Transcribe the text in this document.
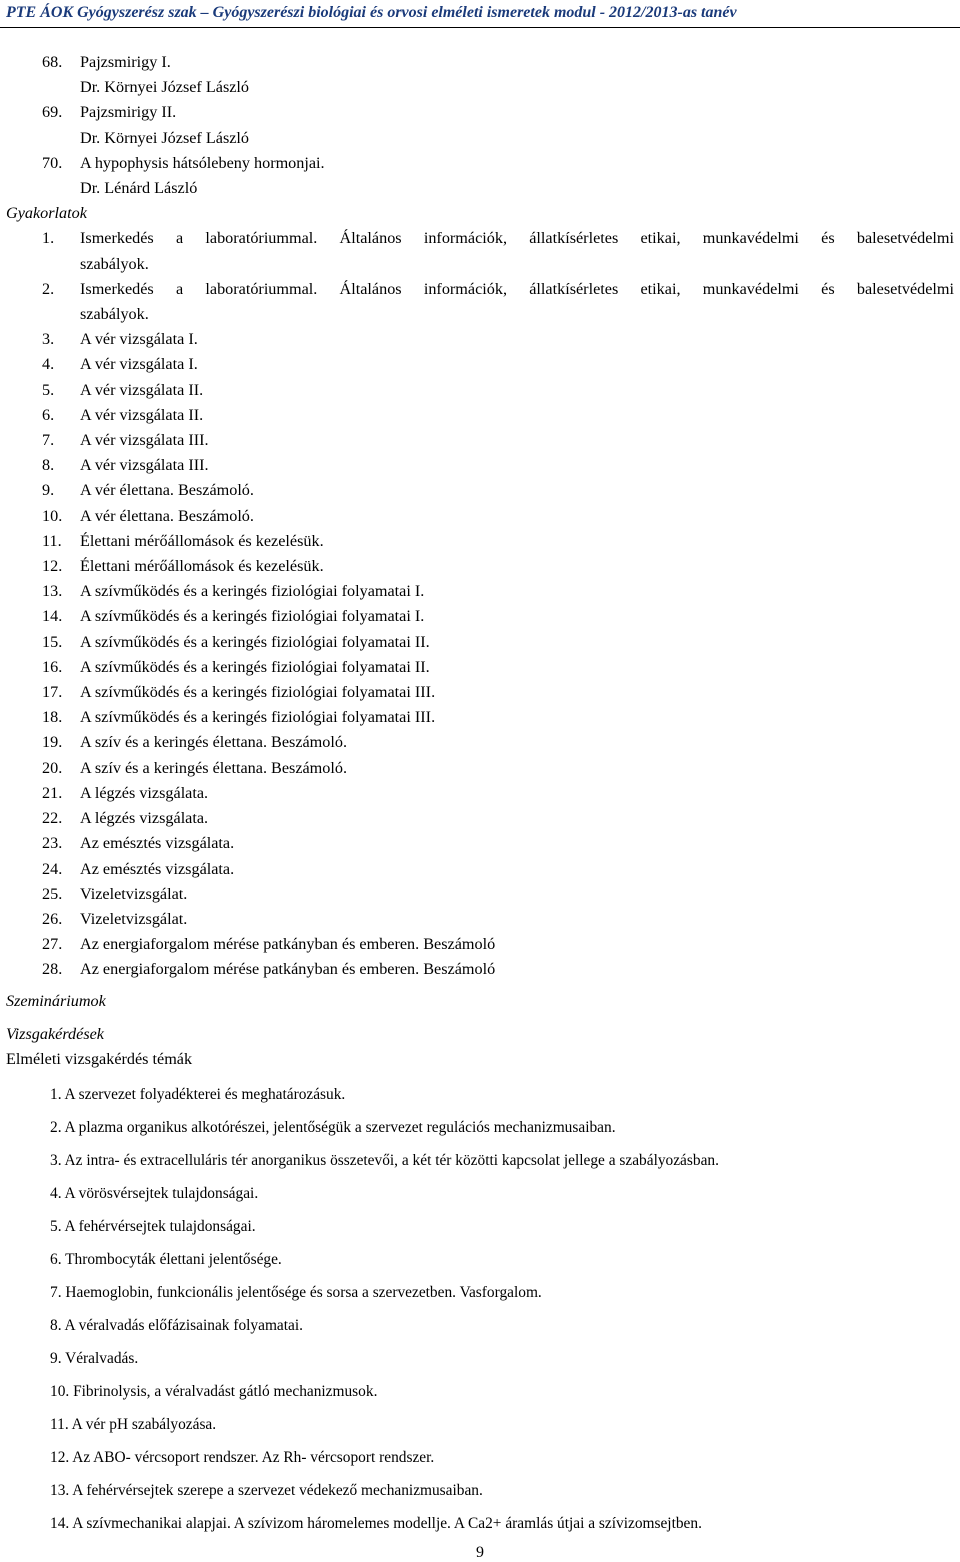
PTE ÁOK Gyógyszerész szak – Gyógyszerészi biológiai és orvosi elméleti ismeretek modul - 2012/2013-as tanév
68.	Pajzsmirigy I.
Dr. Környei József László
69.	Pajzsmirigy II.
Dr. Környei József László
70.	A hypophysis hátsólebeny hormonjai.
Dr. Lénárd László
Gyakorlatok
1.	Ismerkedés a laboratóriummal. Általános információk, állatkísérletes etikai, munkavédelmi és balesetvédelmi
szabályok.
2.	Ismerkedés a laboratóriummal. Általános információk, állatkísérletes etikai, munkavédelmi és balesetvédelmi
szabályok.
3.	A vér vizsgálata I.
4.	A vér vizsgálata I.
5.	A vér vizsgálata II.
6.	A vér vizsgálata II.
7.	A vér vizsgálata III.
8.	A vér vizsgálata III.
9.	A vér élettana. Beszámoló.
10.	A vér élettana. Beszámoló.
11.	Élettani mérőállomások és kezelésük.
12.	Élettani mérőállomások és kezelésük.
13.	A szívműködés és a keringés fiziológiai folyamatai I.
14.	A szívműködés és a keringés fiziológiai folyamatai I.
15.	A szívműködés és a keringés fiziológiai folyamatai II.
16.	A szívműködés és a keringés fiziológiai folyamatai II.
17.	A szívműködés és a keringés fiziológiai folyamatai III.
18.	A szívműködés és a keringés fiziológiai folyamatai III.
19.	A szív és a keringés élettana. Beszámoló.
20.	A szív és a keringés élettana. Beszámoló.
21.	A légzés vizsgálata.
22.	A légzés vizsgálata.
23.	Az emésztés vizsgálata.
24.	Az emésztés vizsgálata.
25.	Vizeletvizsgálat.
26.	Vizeletvizsgálat.
27.	Az energiaforgalom mérése patkányban és emberen. Beszámoló
28.	Az energiaforgalom mérése patkányban és emberen. Beszámoló
Szemináriumok
Vizsgakérdések
Elméleti vizsgakérdés témák
1. A szervezet folyadékterei és meghatározásuk.
2. A plazma organikus alkotórészei, jelentőségük a szervezet regulációs mechanizmusaiban.
3. Az intra- és extracelluláris tér anorganikus összetevői, a két tér közötti kapcsolat jellege a szabályozásban.
4. A vörösvérsejtek tulajdonságai.
5. A fehérvérsejtek tulajdonságai.
6. Thrombocyták élettani jelentősége.
7. Haemoglobin, funkcionális jelentősége és sorsa a szervezetben. Vasforgalom.
8. A véralvadás előfázisainak folyamatai.
9. Véralvadás.
10. Fibrinolysis, a véralvadást gátló mechanizmusok.
11. A vér pH szabályozása.
12. Az ABO- vércsoport rendszer. Az Rh- vércsoport rendszer.
13. A fehérvérsejtek szerepe a szervezet védekező mechanizmusaiban.
14. A szívmechanikai alapjai. A szívizom háromelemes modellje. A Ca2+ áramlás útjai a szívizomsejtben.
9
